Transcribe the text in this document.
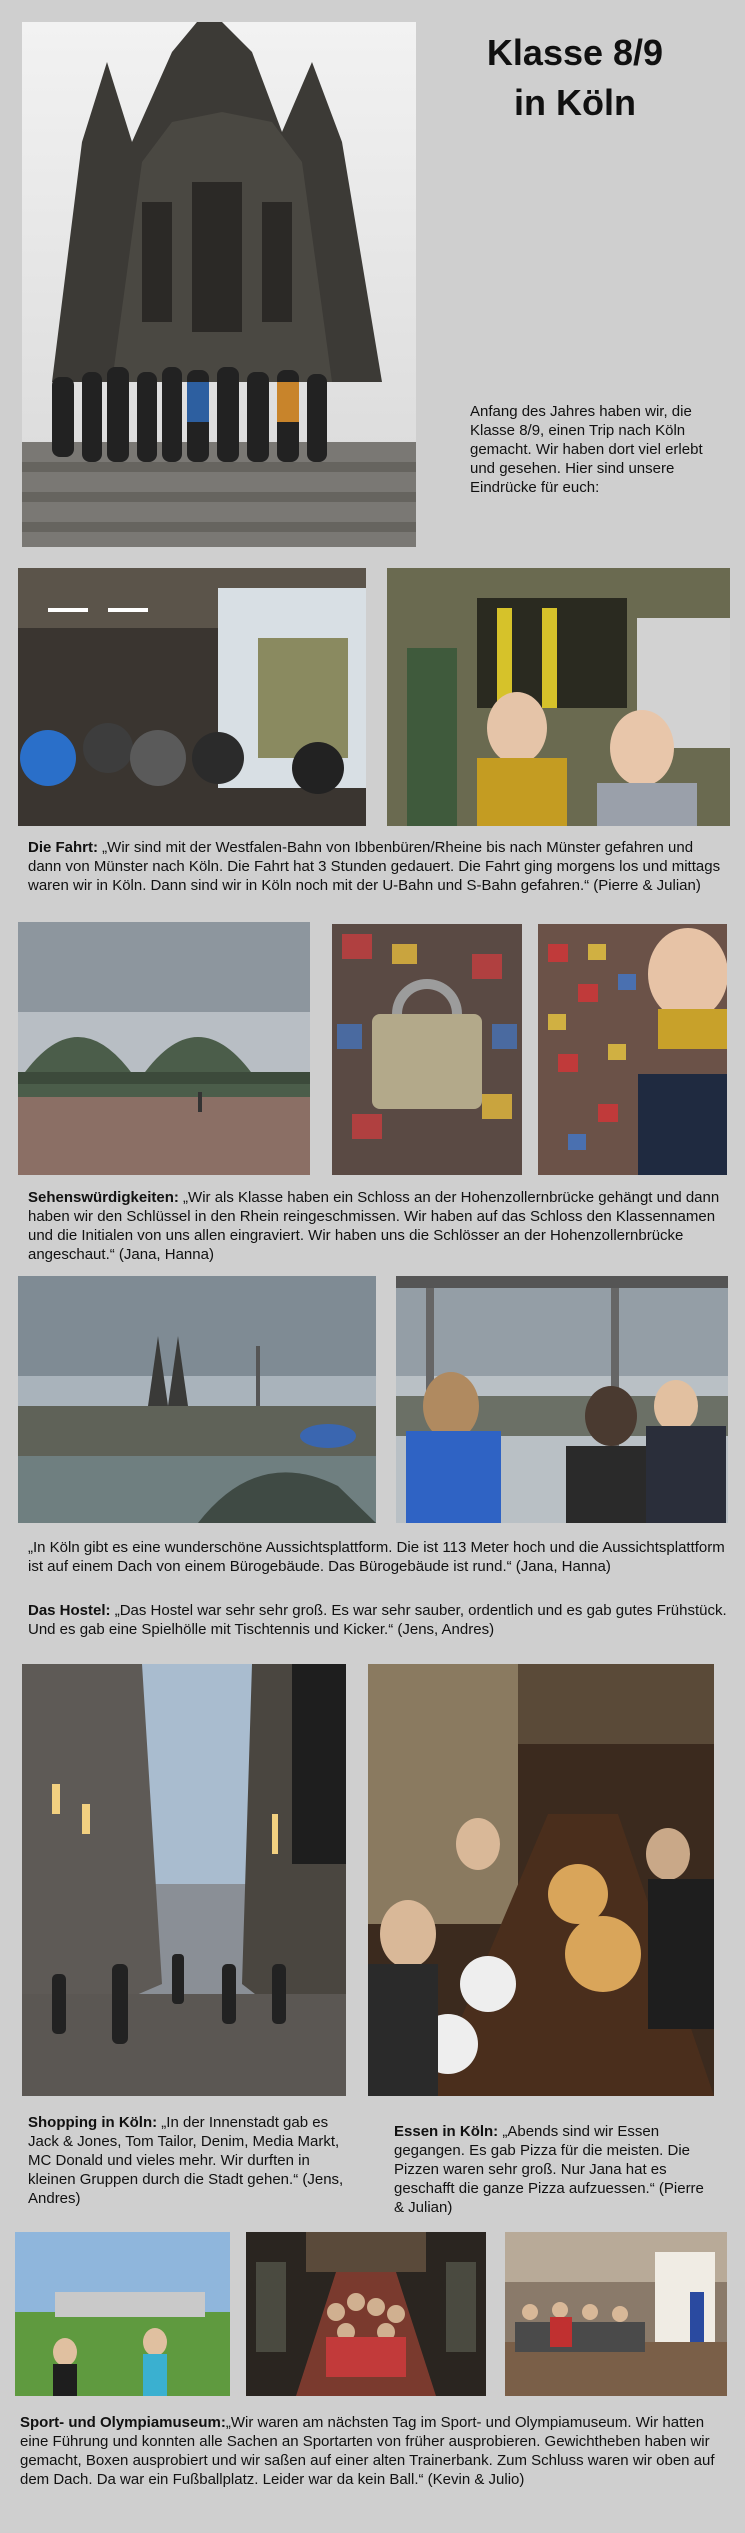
Klasse 8/9
in Köln
Anfang des Jahres haben wir, die Klasse 8/9, einen Trip nach Köln gemacht. Wir haben dort viel erlebt und gesehen. Hier sind unsere Eindrücke für euch:
Die Fahrt: „Wir sind mit der Westfalen-Bahn von Ibbenbüren/Rheine bis nach Münster gefahren und dann von Münster nach Köln. Die Fahrt hat 3 Stunden gedauert. Die Fahrt ging morgens los und mittags waren wir in Köln. Dann sind wir in Köln noch mit der U-Bahn und S-Bahn gefahren.“ (Pierre & Julian)
Sehenswürdigkeiten: „Wir als Klasse haben ein Schloss an der Hohenzollernbrücke gehängt und dann haben wir den Schlüssel in den Rhein reingeschmissen. Wir haben auf das Schloss den Klassennamen und die Initialen von uns allen eingraviert. Wir haben uns die Schlösser an der Hohenzollernbrücke angeschaut.“ (Jana, Hanna)
„In Köln gibt es eine wunderschöne Aussichtsplattform. Die ist 113 Meter hoch und die Aussichtsplattform ist auf einem Dach von einem Bürogebäude. Das Bürogebäude ist rund.“ (Jana, Hanna)
Das Hostel: „Das Hostel war sehr sehr groß. Es war sehr sauber, ordentlich und es gab gutes Frühstück. Und es gab eine Spielhölle mit Tischtennis und Kicker.“ (Jens, Andres)
Shopping in Köln: „In der Innenstadt gab es Jack & Jones, Tom Tailor, Denim, Media Markt, MC Donald und vieles mehr. Wir durften in kleinen Gruppen durch die Stadt gehen.“ (Jens, Andres)
Essen in Köln: „Abends sind wir Essen gegangen. Es gab Pizza für die meisten. Die Pizzen waren sehr groß. Nur Jana hat es geschafft die ganze Pizza aufzuessen.“ (Pierre & Julian)
Sport- und Olympiamuseum:„Wir waren am nächsten Tag im Sport- und Olympiamuseum. Wir hatten eine Führung und konnten alle Sachen an Sportarten von früher ausprobieren. Gewichtheben haben wir gemacht, Boxen ausprobiert und wir saßen auf einer alten Trainerbank. Zum Schluss waren wir oben auf dem Dach. Da war ein Fußballplatz. Leider war da kein Ball.“ (Kevin & Julio)
